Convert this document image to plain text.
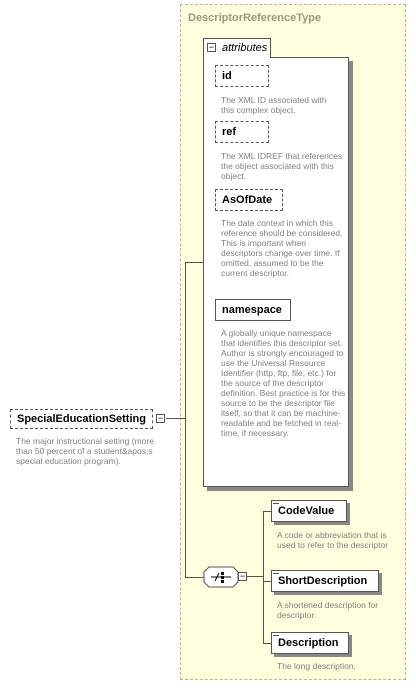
DescriptorReferenceType
− attributes
id
The XML ID associated with this complex object.
ref
The XML IDREF that references the object associated with this object.
AsOfDate
The date context in which this reference should be considered. This is important when descriptors change over time. If omitted, assumed to be the current descriptor.
namespace
A globally unique namespace that identifies this descriptor set. Author is strongly encouraged to use the Universal Resource Identifier (http, ftp, file, etc.) for the source of the descriptor definition. Best practice is for this source to be the descriptor file itself, so that it can be machine-readable and be fetched in real-time, if necessary.
SpecialEducationSetting	−
The major instructional setting (more than 50 percent of a student&apos;s special education program).
−
CodeValue
A code or abbreviation that is used to refer to the descriptor
ShortDescription
A shortened description for descriptor.
Description
The long description.
